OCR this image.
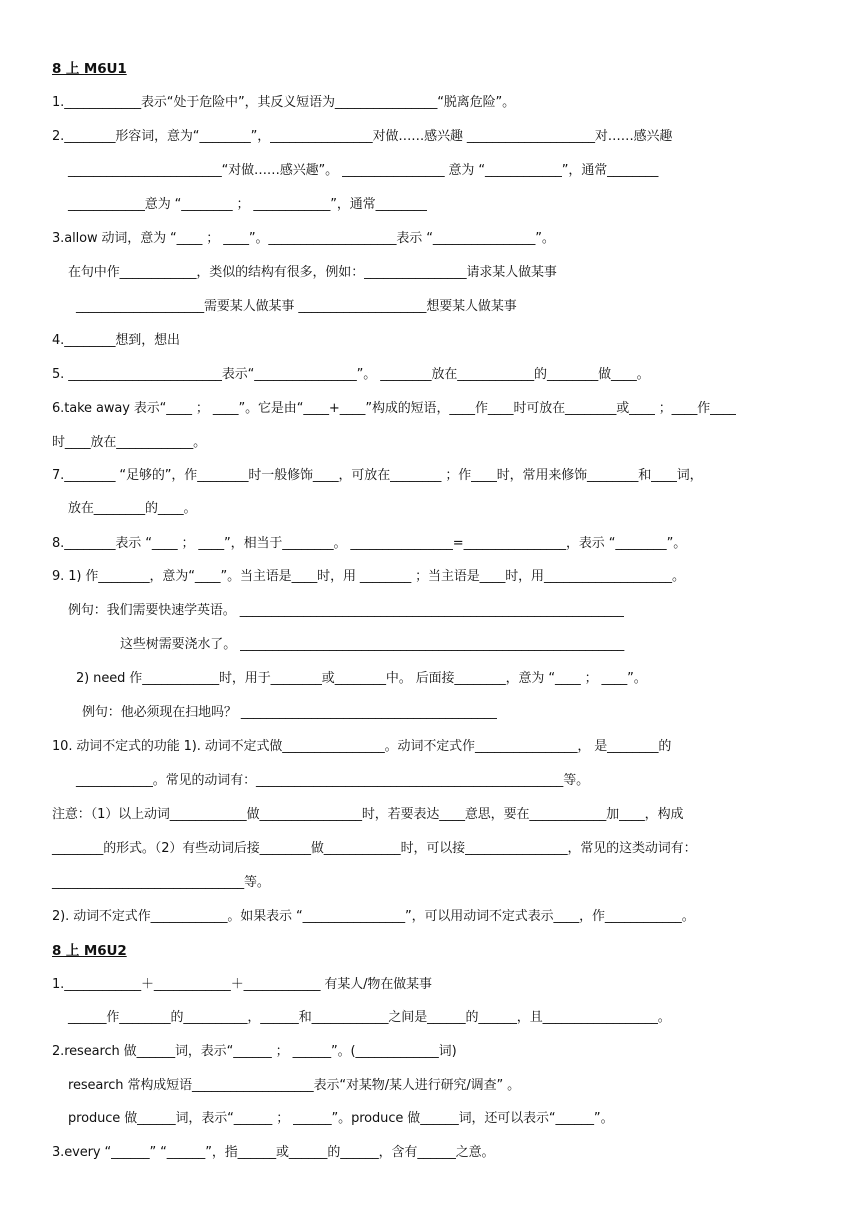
8 上 M6U1
1.____________表示“处于危险中”，其反义短语为________________“脱离危险”。
2.________形容词，意为“________”，________________对做……感兴趣 ____________________对……感兴趣
________________________“对做……感兴趣”。 ________________ 意为 “____________”，通常________
____________意为 “________ ； ____________”，通常________
3.allow 动词，意为 “____ ； ____”。____________________表示 “________________”。
在句中作____________，类似的结构有很多，例如：________________请求某人做某事
____________________需要某人做某事 ____________________想要某人做某事
4.________想到，想出
5. ________________________表示“________________”。 ________放在____________的________做____。
6.take away 表示“____ ； ____”。它是由“____+____”构成的短语，____作____时可放在________或____ ；____作____
时____放在____________。
7.________ “足够的”，作________时一般修饰____，可放在________ ；作____时，常用来修饰________和____词，
放在________的____。
8.________表示 “____ ； ____”，相当于________。 ________________=________________，表示 “________”。
9. 1) 作________，意为“____”。当主语是____时，用 ________ ；当主语是____时，用____________________。
例句：我们需要快速学英语。 ____________________________________________________________
这些树需要浇水了。 ____________________________________________________________
2) need 作____________时，用于________或________中。 后面接________，意为 “____ ； ____”。
例句：他必须现在扫地吗？ ________________________________________
10. 动词不定式的功能 1). 动词不定式做________________。动词不定式作________________， 是________的
____________。常见的动词有：________________________________________________等。
注意：（1）以上动词____________做________________时，若要表达____意思，要在____________加____，构成
________的形式。（2）有些动词后接________做____________时，可以接________________，常见的这类动词有：
______________________________等。
2). 动词不定式作____________。如果表示 “________________”，可以用动词不定式表示____，作____________。
8 上 M6U2
1.____________＋____________＋____________ 有某人/物在做某事
______作________的__________，______和____________之间是______的______，且__________________。
2.research 做______词，表示“______ ； ______”。(_____________词)
research 常构成短语___________________表示“对某物/某人进行研究/调查” 。
produce 做______词，表示“______ ； ______”。produce 做______词，还可以表示“______”。
3.every “______” “______”，指______或______的______，含有______之意。
